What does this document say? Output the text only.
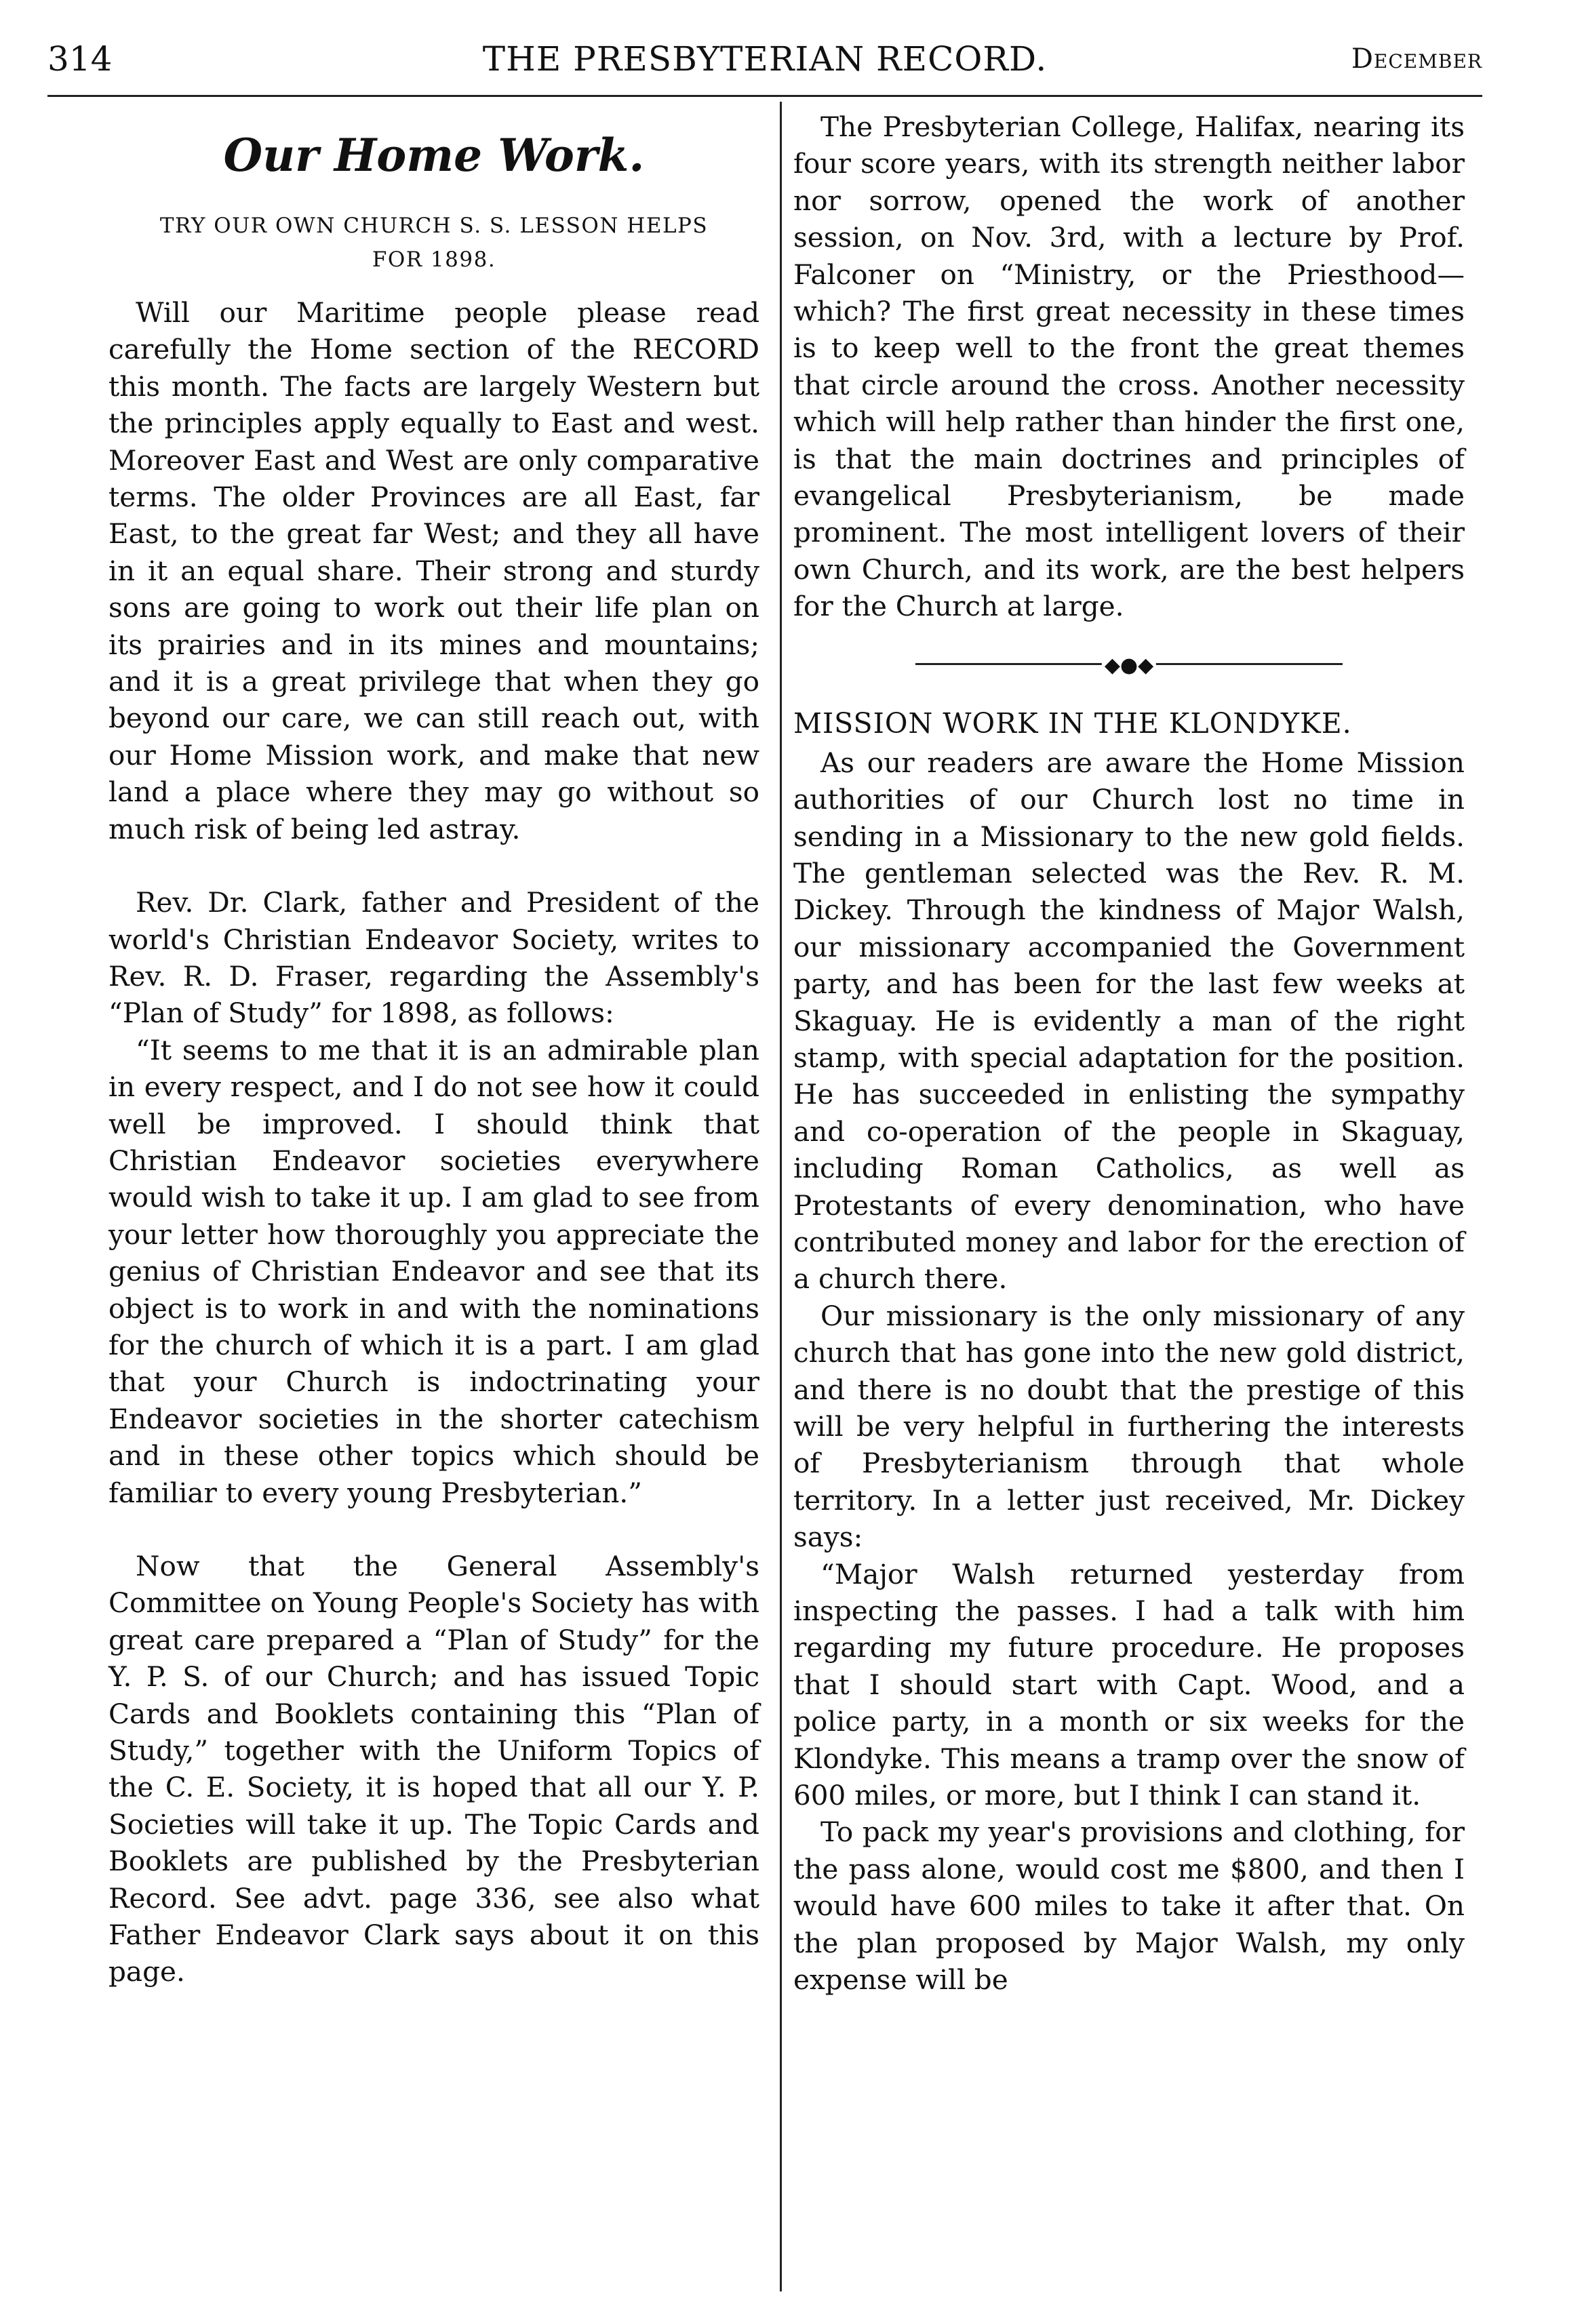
314	THE PRESBYTERIAN RECORD.	December
Our Home Work.
TRY OUR OWN CHURCH S. S. LESSON HELPS
FOR 1898.

Will our Maritime people please read carefully the Home section of the RECORD this month. The facts are largely Western but the principles apply equally to East and west. Moreover East and West are only comparative terms. The older Provinces are all East, far East, to the great far West; and they all have in it an equal share. Their strong and sturdy sons are going to work out their life plan on its prairies and in its mines and mountains; and it is a great privilege that when they go beyond our care, we can still reach out, with our Home Mission work, and make that new land a place where they may go without so much risk of being led astray.

Rev. Dr. Clark, father and President of the world's Christian Endeavor Society, writes to Rev. R. D. Fraser, regarding the Assembly's “Plan of Study” for 1898, as follows:

“It seems to me that it is an admirable plan in every respect, and I do not see how it could well be improved. I should think that Christian Endeavor societies everywhere would wish to take it up. I am glad to see from your letter how thoroughly you appreciate the genius of Christian Endeavor and see that its object is to work in and with the nominations for the church of which it is a part. I am glad that your Church is indoctrinating your Endeavor societies in the shorter catechism and in these other topics which should be familiar to every young Presbyterian.”

Now that the General Assembly's Committee on Young People's Society has with great care prepared a “Plan of Study” for the Y. P. S. of our Church; and has issued Topic Cards and Booklets containing this “Plan of Study,” together with the Uniform Topics of the C. E. Society, it is hoped that all our Y. P. Societies will take it up. The Topic Cards and Booklets are published by the Presbyterian Record. See advt. page 336, see also what Father Endeavor Clark says about it on this page.

The Presbyterian College, Halifax, nearing its four score years, with its strength neither labor nor sorrow, opened the work of another session, on Nov. 3rd, with a lecture by Prof. Falconer on “Ministry, or the Priesthood—which? The first great necessity in these times is to keep well to the front the great themes that circle around the cross. Another necessity which will help rather than hinder the first one, is that the main doctrines and principles of evangelical Presbyterianism, be made prominent. The most intelligent lovers of their own Church, and its work, are the best helpers for the Church at large.

◆●◆
MISSION WORK IN THE KLONDYKE.

As our readers are aware the Home Mission authorities of our Church lost no time in sending in a Missionary to the new gold fields. The gentleman selected was the Rev. R. M. Dickey. Through the kindness of Major Walsh, our missionary accompanied the Government party, and has been for the last few weeks at Skaguay. He is evidently a man of the right stamp, with special adaptation for the position. He has succeeded in enlisting the sympathy and co-operation of the people in Skaguay, including Roman Catholics, as well as Protestants of every denomination, who have contributed money and labor for the erection of a church there.

Our missionary is the only missionary of any church that has gone into the new gold district, and there is no doubt that the prestige of this will be very helpful in furthering the interests of Presbyterianism through that whole territory. In a letter just received, Mr. Dickey says:

“Major Walsh returned yesterday from inspecting the passes. I had a talk with him regarding my future procedure. He proposes that I should start with Capt. Wood, and a police party, in a month or six weeks for the Klondyke. This means a tramp over the snow of 600 miles, or more, but I think I can stand it.

To pack my year's provisions and clothing, for the pass alone, would cost me $800, and then I would have 600 miles to take it after that. On the plan proposed by Major Walsh, my only expense will be
